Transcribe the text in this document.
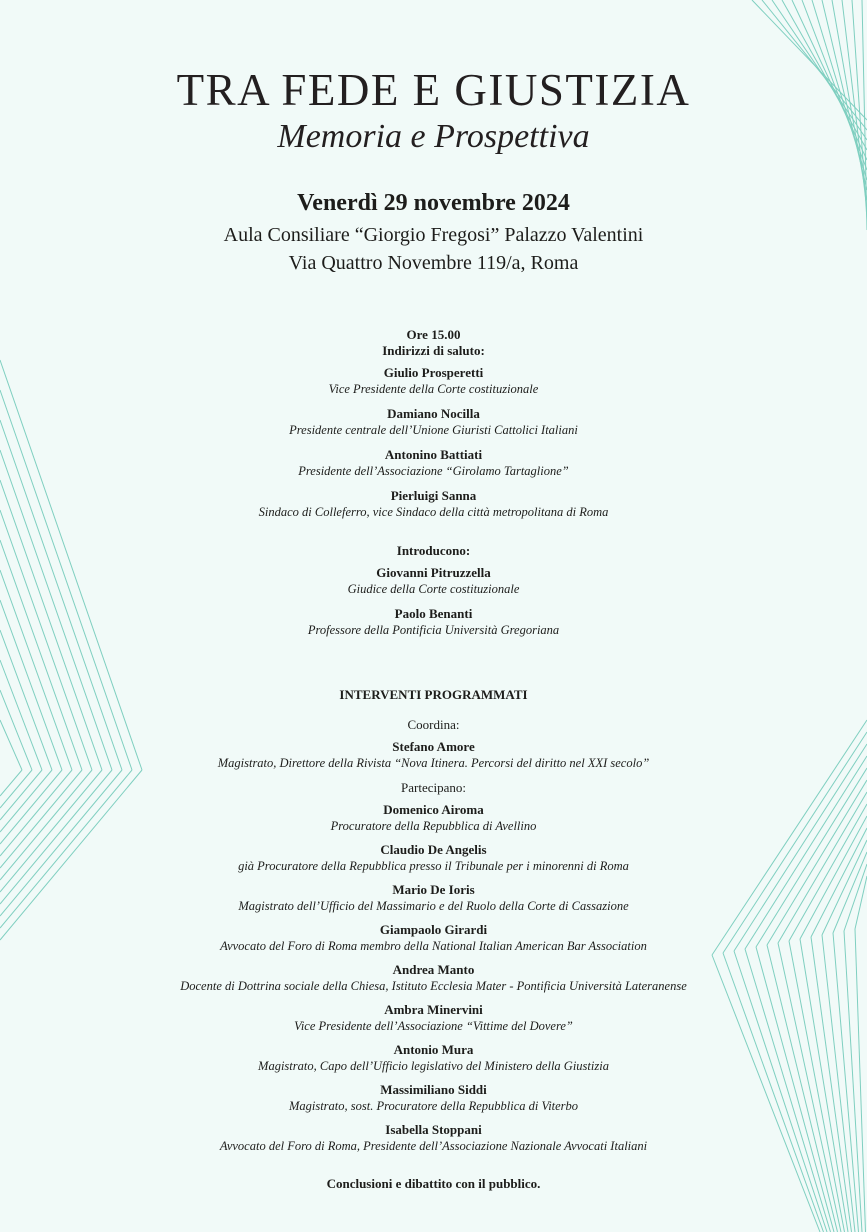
TRA FEDE E GIUSTIZIA
Memoria e Prospettiva
Venerdì 29 novembre 2024
Aula Consiliare “Giorgio Fregosi” Palazzo Valentini
Via Quattro Novembre 119/a, Roma
Ore 15.00
Indirizzi di saluto:
Giulio Prosperetti
Vice Presidente della Corte costituzionale
Damiano Nocilla
Presidente centrale dell’Unione Giuristi Cattolici Italiani
Antonino Battiati
Presidente dell’Associazione “Girolamo Tartaglione”
Pierluigi Sanna
Sindaco di Colleferro, vice Sindaco della città metropolitana di Roma
Introducono:
Giovanni Pitruzzella
Giudice della Corte costituzionale
Paolo Benanti
Professore della Pontificia Università Gregoriana
INTERVENTI PROGRAMMATI
Coordina:
Stefano Amore
Magistrato, Direttore della Rivista “Nova Itinera. Percorsi del diritto nel XXI secolo”
Partecipano:
Domenico Airoma
Procuratore della Repubblica di Avellino
Claudio De Angelis
già Procuratore della Repubblica presso il Tribunale per i minorenni di Roma
Mario De Ioris
Magistrato dell’Ufficio del Massimario e del Ruolo della Corte di Cassazione
Giampaolo Girardi
Avvocato del Foro di Roma membro della National Italian American Bar Association
Andrea Manto
Docente di Dottrina sociale della Chiesa, Istituto Ecclesia Mater - Pontificia Università Lateranense
Ambra Minervini
Vice Presidente dell’Associazione “Vittime del Dovere”
Antonio Mura
Magistrato, Capo dell’Ufficio legislativo del Ministero della Giustizia
Massimiliano Siddi
Magistrato, sost. Procuratore della Repubblica di Viterbo
Isabella Stoppani
Avvocato del Foro di Roma, Presidente dell’Associazione Nazionale Avvocati Italiani
Conclusioni e dibattito con il pubblico.
